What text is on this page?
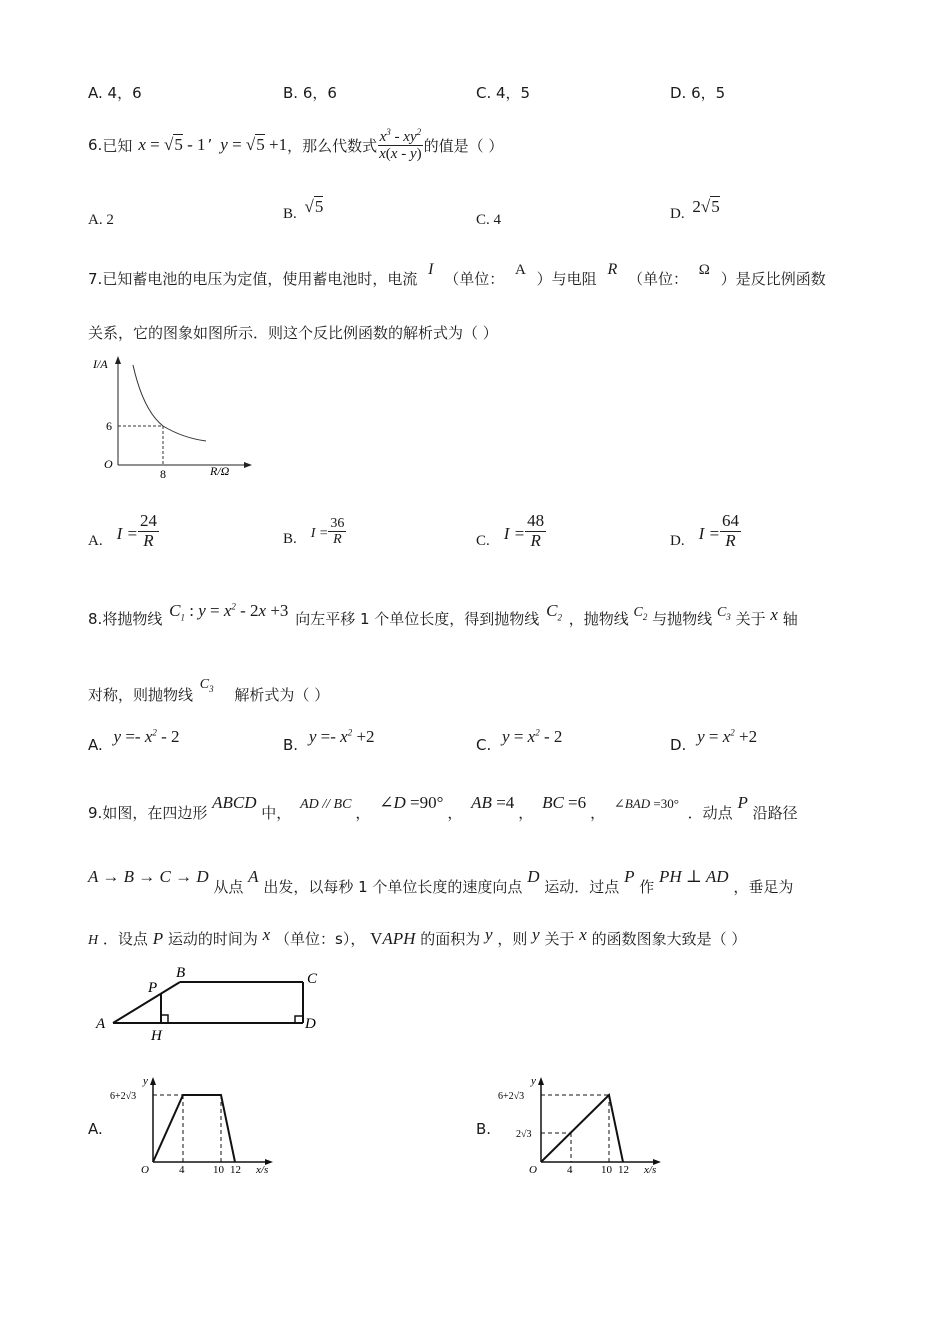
A. 4，6	B. 6，6	C. 4，5	D. 6，5
6. 已知 x = √5 - 1 ’ y = √5 +1 ，那么代数式 $\frac{x^3 - xy^2}{x(x - y)}$ 的值是（ ）
A. 2	B. √5
C. 4	D. 2√5
7.已知蓄电池的电压为定值，使用蓄电池时，电流 I （单位： A ）与电阻 R （单位： Ω ）是反比例函数
关系，它的图象如图所示．则这个反比例函数的解析式为（ ）
I/A
6
8
O	R/Ω
A. $I = \frac{24}{R}$	B. $I = \frac{36}{R}$	C. $I = \frac{48}{R}$	D. $I = \frac{64}{R}$
8.将抛物线 $C_1$ : $y = x^2 - 2x +3$ 向左平移 1 个单位长度，得到抛物线 $C_2$ ，抛物线 $C_2$ 与抛物线 $C_3$ 关于 x 轴
对称，则抛物线 $C_3$ 解析式为（ ）
A. $y =- x^2 - 2$	B. $y =- x^2 +2$	C. $y = x^2 - 2$	D. $y = x^2 +2$
9.如图，在四边形 ABCD 中， AD // BC ， ∠D =90°， AB =4， BC =6， ∠BAD =30° ．动点 P 沿路径
A → B → C → D 从点 A 出发，以每秒 1 个单位长度的速度向点 D 运动．过点 P 作 PH ⊥ AD ，垂足为
H ．设点 P 运动的时间为 x （单位：s）， VAPH 的面积为 y ，则 y 关于 x 的函数图象大致是（ ）
A
B	C
D
P
H
A.
y
6+2√3
O	4	10 12 x/s
B.
y
6+2√3
2√3
O	4	10 12 x/s
